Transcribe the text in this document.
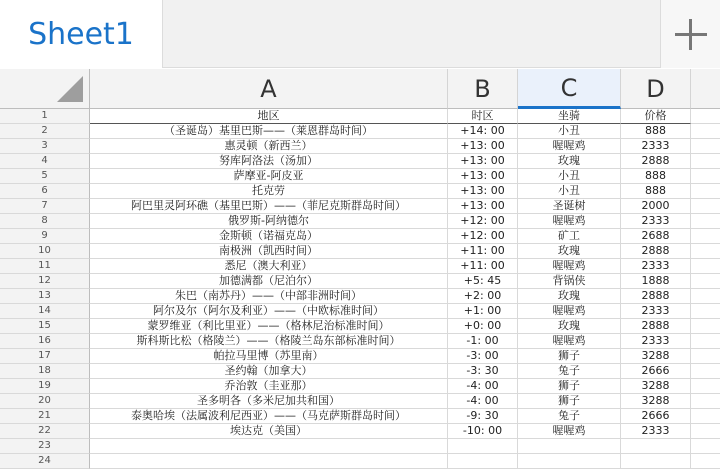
Sheet1
A	B	C	D
1	地区	时区	坐骑	价格
2	（圣诞岛）基里巴斯——（莱恩群岛时间）	+14: 00	小丑	888
3	惠灵顿（新西兰）	+13: 00	喔喔鸡	2333
4	努库阿洛法（汤加）	+13: 00	玫瑰	2888
5	萨摩亚-阿皮亚	+13: 00	小丑	888
6	托克劳	+13: 00	小丑	888
7	阿巴里灵阿环礁（基里巴斯）——（菲尼克斯群岛时间）	+13: 00	圣诞树	2000
8	俄罗斯-阿纳德尔	+12: 00	喔喔鸡	2333
9	金斯顿（诺福克岛）	+12: 00	矿工	2688
10	南极洲（凯西时间）	+11: 00	玫瑰	2888
11	悉尼（澳大利亚）	+11: 00	喔喔鸡	2333
12	加德满都（尼泊尔）	+5: 45	背锅侠	1888
13	朱巴（南苏丹）——（中部非洲时间）	+2: 00	玫瑰	2888
14	阿尔及尔（阿尔及利亚）——（中欧标准时间）	+1: 00	喔喔鸡	2333
15	蒙罗维亚（利比里亚）——（格林尼治标准时间）	+0: 00	玫瑰	2888
16	斯科斯比松（格陵兰）——（格陵兰岛东部标准时间）	-1: 00	喔喔鸡	2333
17	帕拉马里博（苏里南）	-3: 00	狮子	3288
18	圣约翰（加拿大）	-3: 30	兔子	2666
19	乔治敦（圭亚那）	-4: 00	狮子	3288
20	圣多明各（多米尼加共和国）	-4: 00	狮子	3288
21	泰奥哈埃（法属波利尼西亚）——（马克萨斯群岛时间）	-9: 30	兔子	2666
22	埃达克（美国）	-10: 00	喔喔鸡	2333
23
24
